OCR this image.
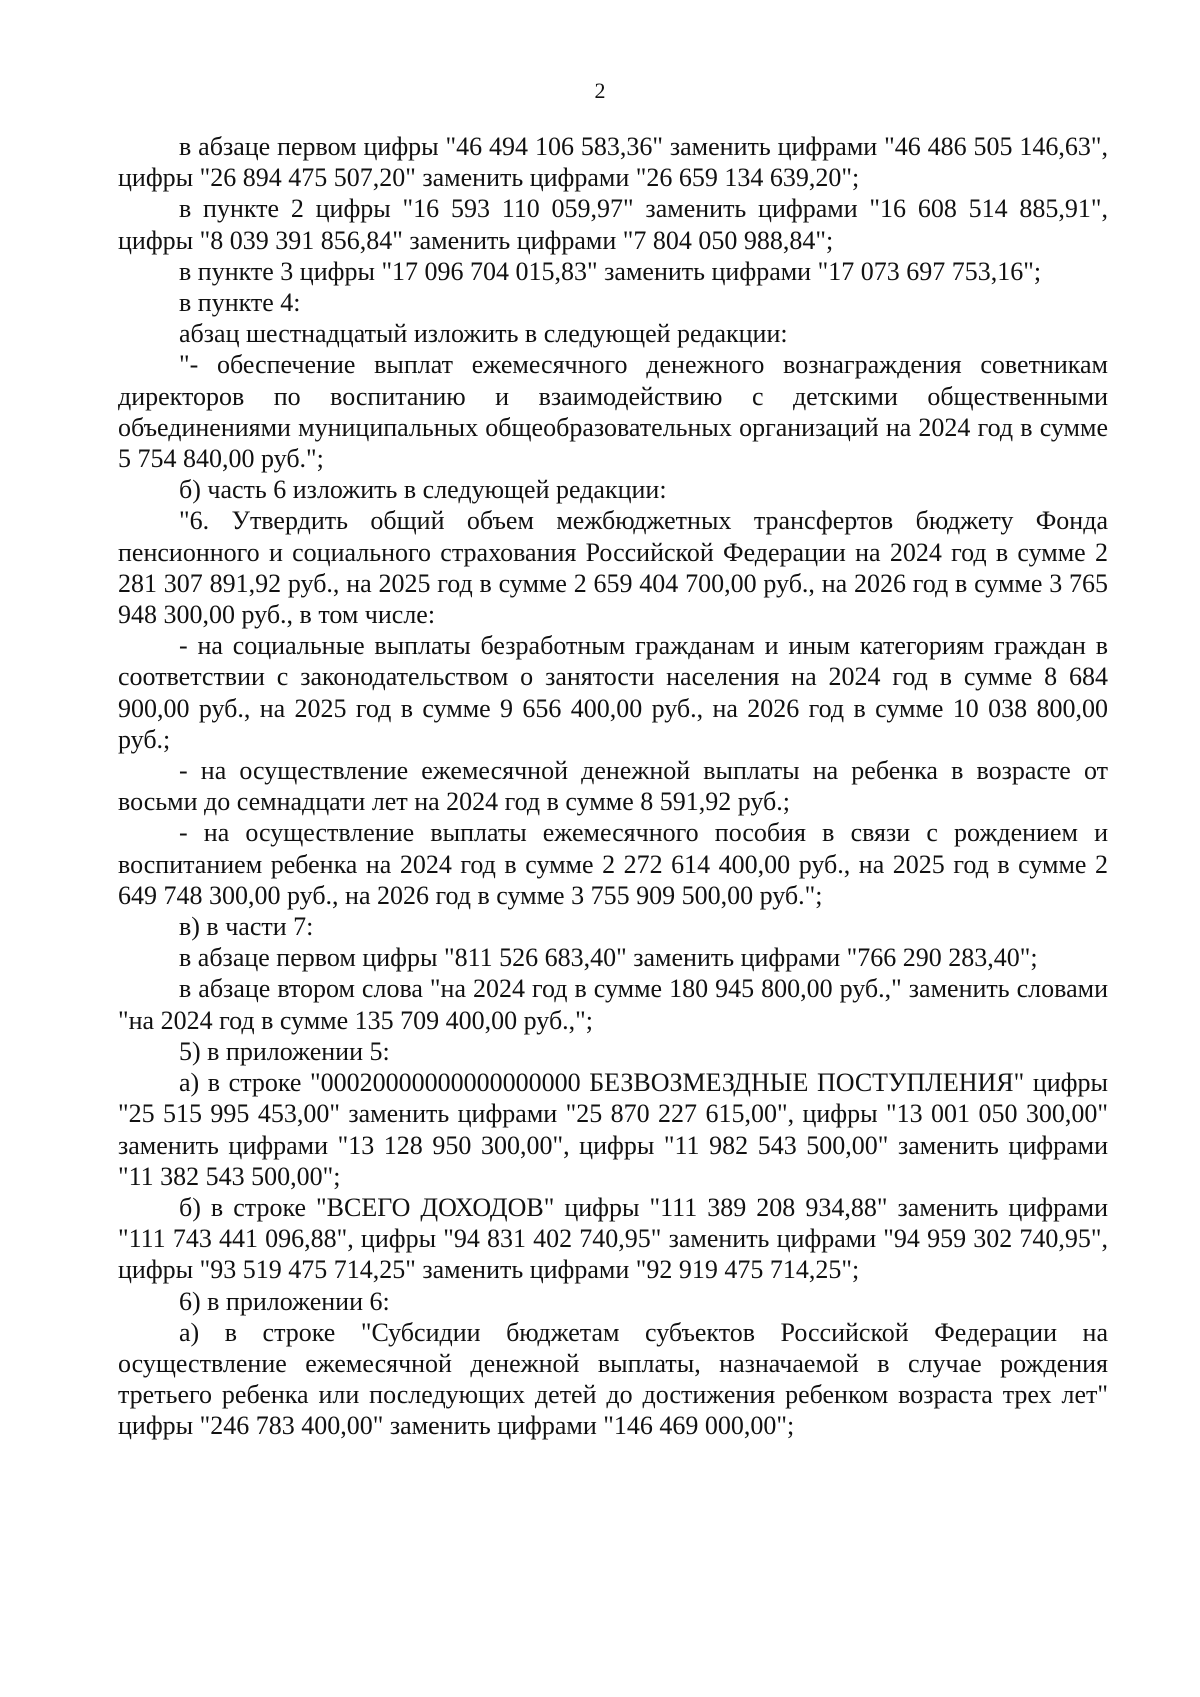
2

в абзаце первом цифры "46 494 106 583,36" заменить цифрами "46 486 505 146,63", цифры "26 894 475 507,20" заменить цифрами "26 659 134 639,20";

в пункте 2 цифры "16 593 110 059,97" заменить цифрами "16 608 514 885,91", цифры "8 039 391 856,84" заменить цифрами "7 804 050 988,84";

в пункте 3 цифры "17 096 704 015,83" заменить цифрами "17 073 697 753,16";

в пункте 4:

абзац шестнадцатый изложить в следующей редакции:

"- обеспечение выплат ежемесячного денежного вознаграждения советникам директоров по воспитанию и взаимодействию с детскими общественными объединениями муниципальных общеобразовательных организаций на 2024 год в сумме 5 754 840,00 руб.";

б) часть 6 изложить в следующей редакции:

"6. Утвердить общий объем межбюджетных трансфертов бюджету Фонда пенсионного и социального страхования Российской Федерации на 2024 год в сумме 2 281 307 891,92 руб., на 2025 год в сумме 2 659 404 700,00 руб., на 2026 год в сумме 3 765 948 300,00 руб., в том числе:

- на социальные выплаты безработным гражданам и иным категориям граждан в соответствии с законодательством о занятости населения на 2024 год в сумме 8 684 900,00 руб., на 2025 год в сумме 9 656 400,00 руб., на 2026 год в сумме 10 038 800,00 руб.;

- на осуществление ежемесячной денежной выплаты на ребенка в возрасте от восьми до семнадцати лет на 2024 год в сумме 8 591,92 руб.;

- на осуществление выплаты ежемесячного пособия в связи с рождением и воспитанием ребенка на 2024 год в сумме 2 272 614 400,00 руб., на 2025 год в сумме 2 649 748 300,00 руб., на 2026 год в сумме 3 755 909 500,00 руб.";

в) в части 7:

в абзаце первом цифры "811 526 683,40" заменить цифрами "766 290 283,40";

в абзаце втором слова "на 2024 год в сумме 180 945 800,00 руб.," заменить словами "на 2024 год в сумме 135 709 400,00 руб.,";

5) в приложении 5:

а) в строке "00020000000000000000 БЕЗВОЗМЕЗДНЫЕ ПОСТУПЛЕНИЯ" цифры "25 515 995 453,00" заменить цифрами "25 870 227 615,00", цифры "13 001 050 300,00" заменить цифрами "13 128 950 300,00", цифры "11 982 543 500,00" заменить цифрами "11 382 543 500,00";

б) в строке "ВСЕГО ДОХОДОВ" цифры "111 389 208 934,88" заменить цифрами "111 743 441 096,88", цифры "94 831 402 740,95" заменить цифрами "94 959 302 740,95", цифры "93 519 475 714,25" заменить цифрами "92 919 475 714,25";

6) в приложении 6:

а) в строке "Субсидии бюджетам субъектов Российской Федерации на осуществление ежемесячной денежной выплаты, назначаемой в случае рождения третьего ребенка или последующих детей до достижения ребенком возраста трех лет" цифры "246 783 400,00" заменить цифрами "146 469 000,00";
